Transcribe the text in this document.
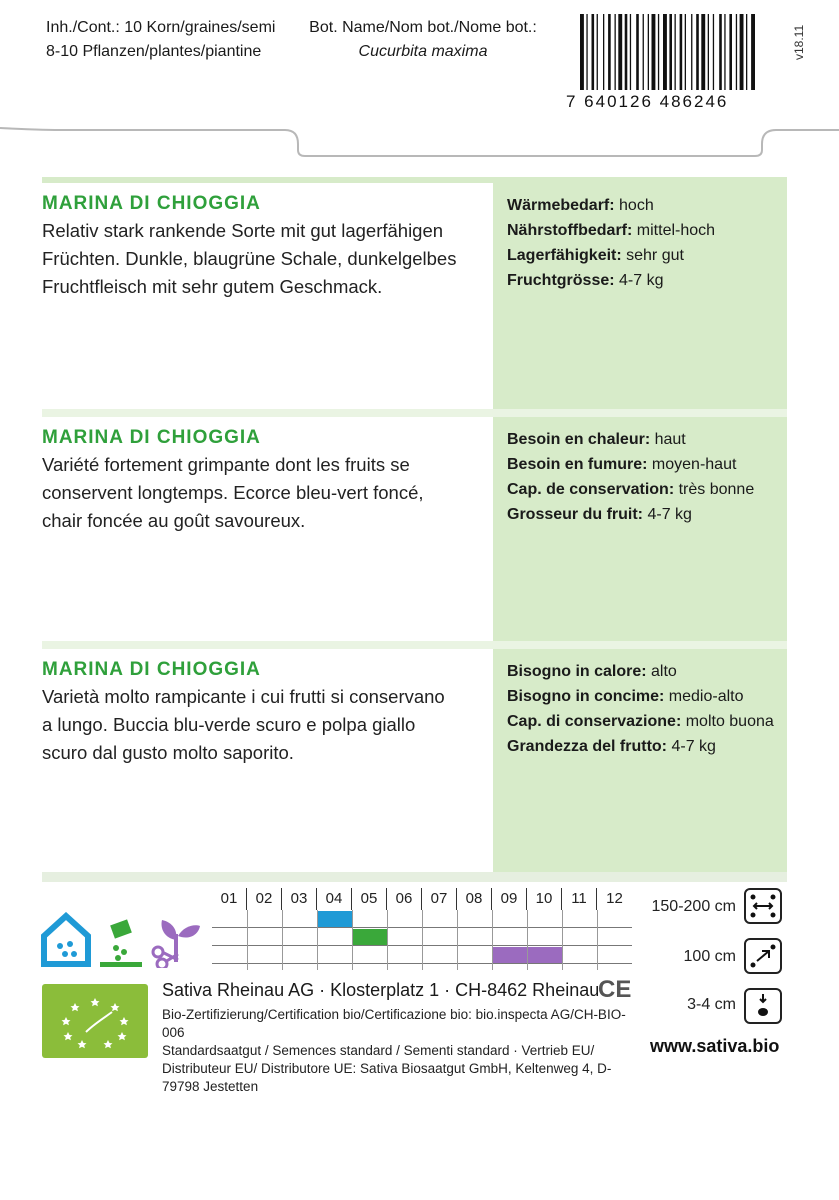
Inh./Cont.: 10 Korn/graines/semi
8-10 Pflanzen/plantes/piantine
Bot. Name/Nom bot./Nome bot.:
Cucurbita maxima
7 640126 486246
v18.11
MARINA DI CHIOGGIA
Relativ stark rankende Sorte mit gut lagerfähigen
Früchten. Dunkle, blaugrüne Schale, dunkelgelbes
Fruchtfleisch mit sehr gutem Geschmack.
Wärmebedarf: hoch
Nährstoffbedarf: mittel-hoch
Lagerfähigkeit: sehr gut
Fruchtgrösse: 4-7 kg
MARINA DI CHIOGGIA
Variété fortement grimpante dont les fruits se
conservent longtemps. Ecorce bleu-vert foncé,
chair foncée au goût savoureux.
Besoin en chaleur: haut
Besoin en fumure: moyen-haut
Cap. de conservation: très bonne
Grosseur du fruit: 4-7 kg
MARINA DI CHIOGGIA
Varietà molto rampicante i cui frutti si conservano
a lungo. Buccia blu-verde scuro e polpa giallo
scuro dal gusto molto saporito.
Bisogno in calore: alto
Bisogno in concime: medio-alto
Cap. di conservazione: molto buona
Grandezza del frutto: 4-7 kg
01	02	03	04	05	06	07	08	09	10	11	12
Sativa Rheinau AG · Klosterplatz 1 · CH-8462 Rheinau
CE
Bio-Zertifizierung/Certification bio/Certificazione bio: bio.inspecta AG/CH-BIO-006
Standardsaatgut / Semences standard / Sementi standard · Vertrieb EU/ Distributeur EU/ Distributore UE: Sativa Biosaatgut GmbH, Keltenweg 4, D-79798 Jestetten
www.sativa.bio
150-200 cm
100 cm
3-4 cm
